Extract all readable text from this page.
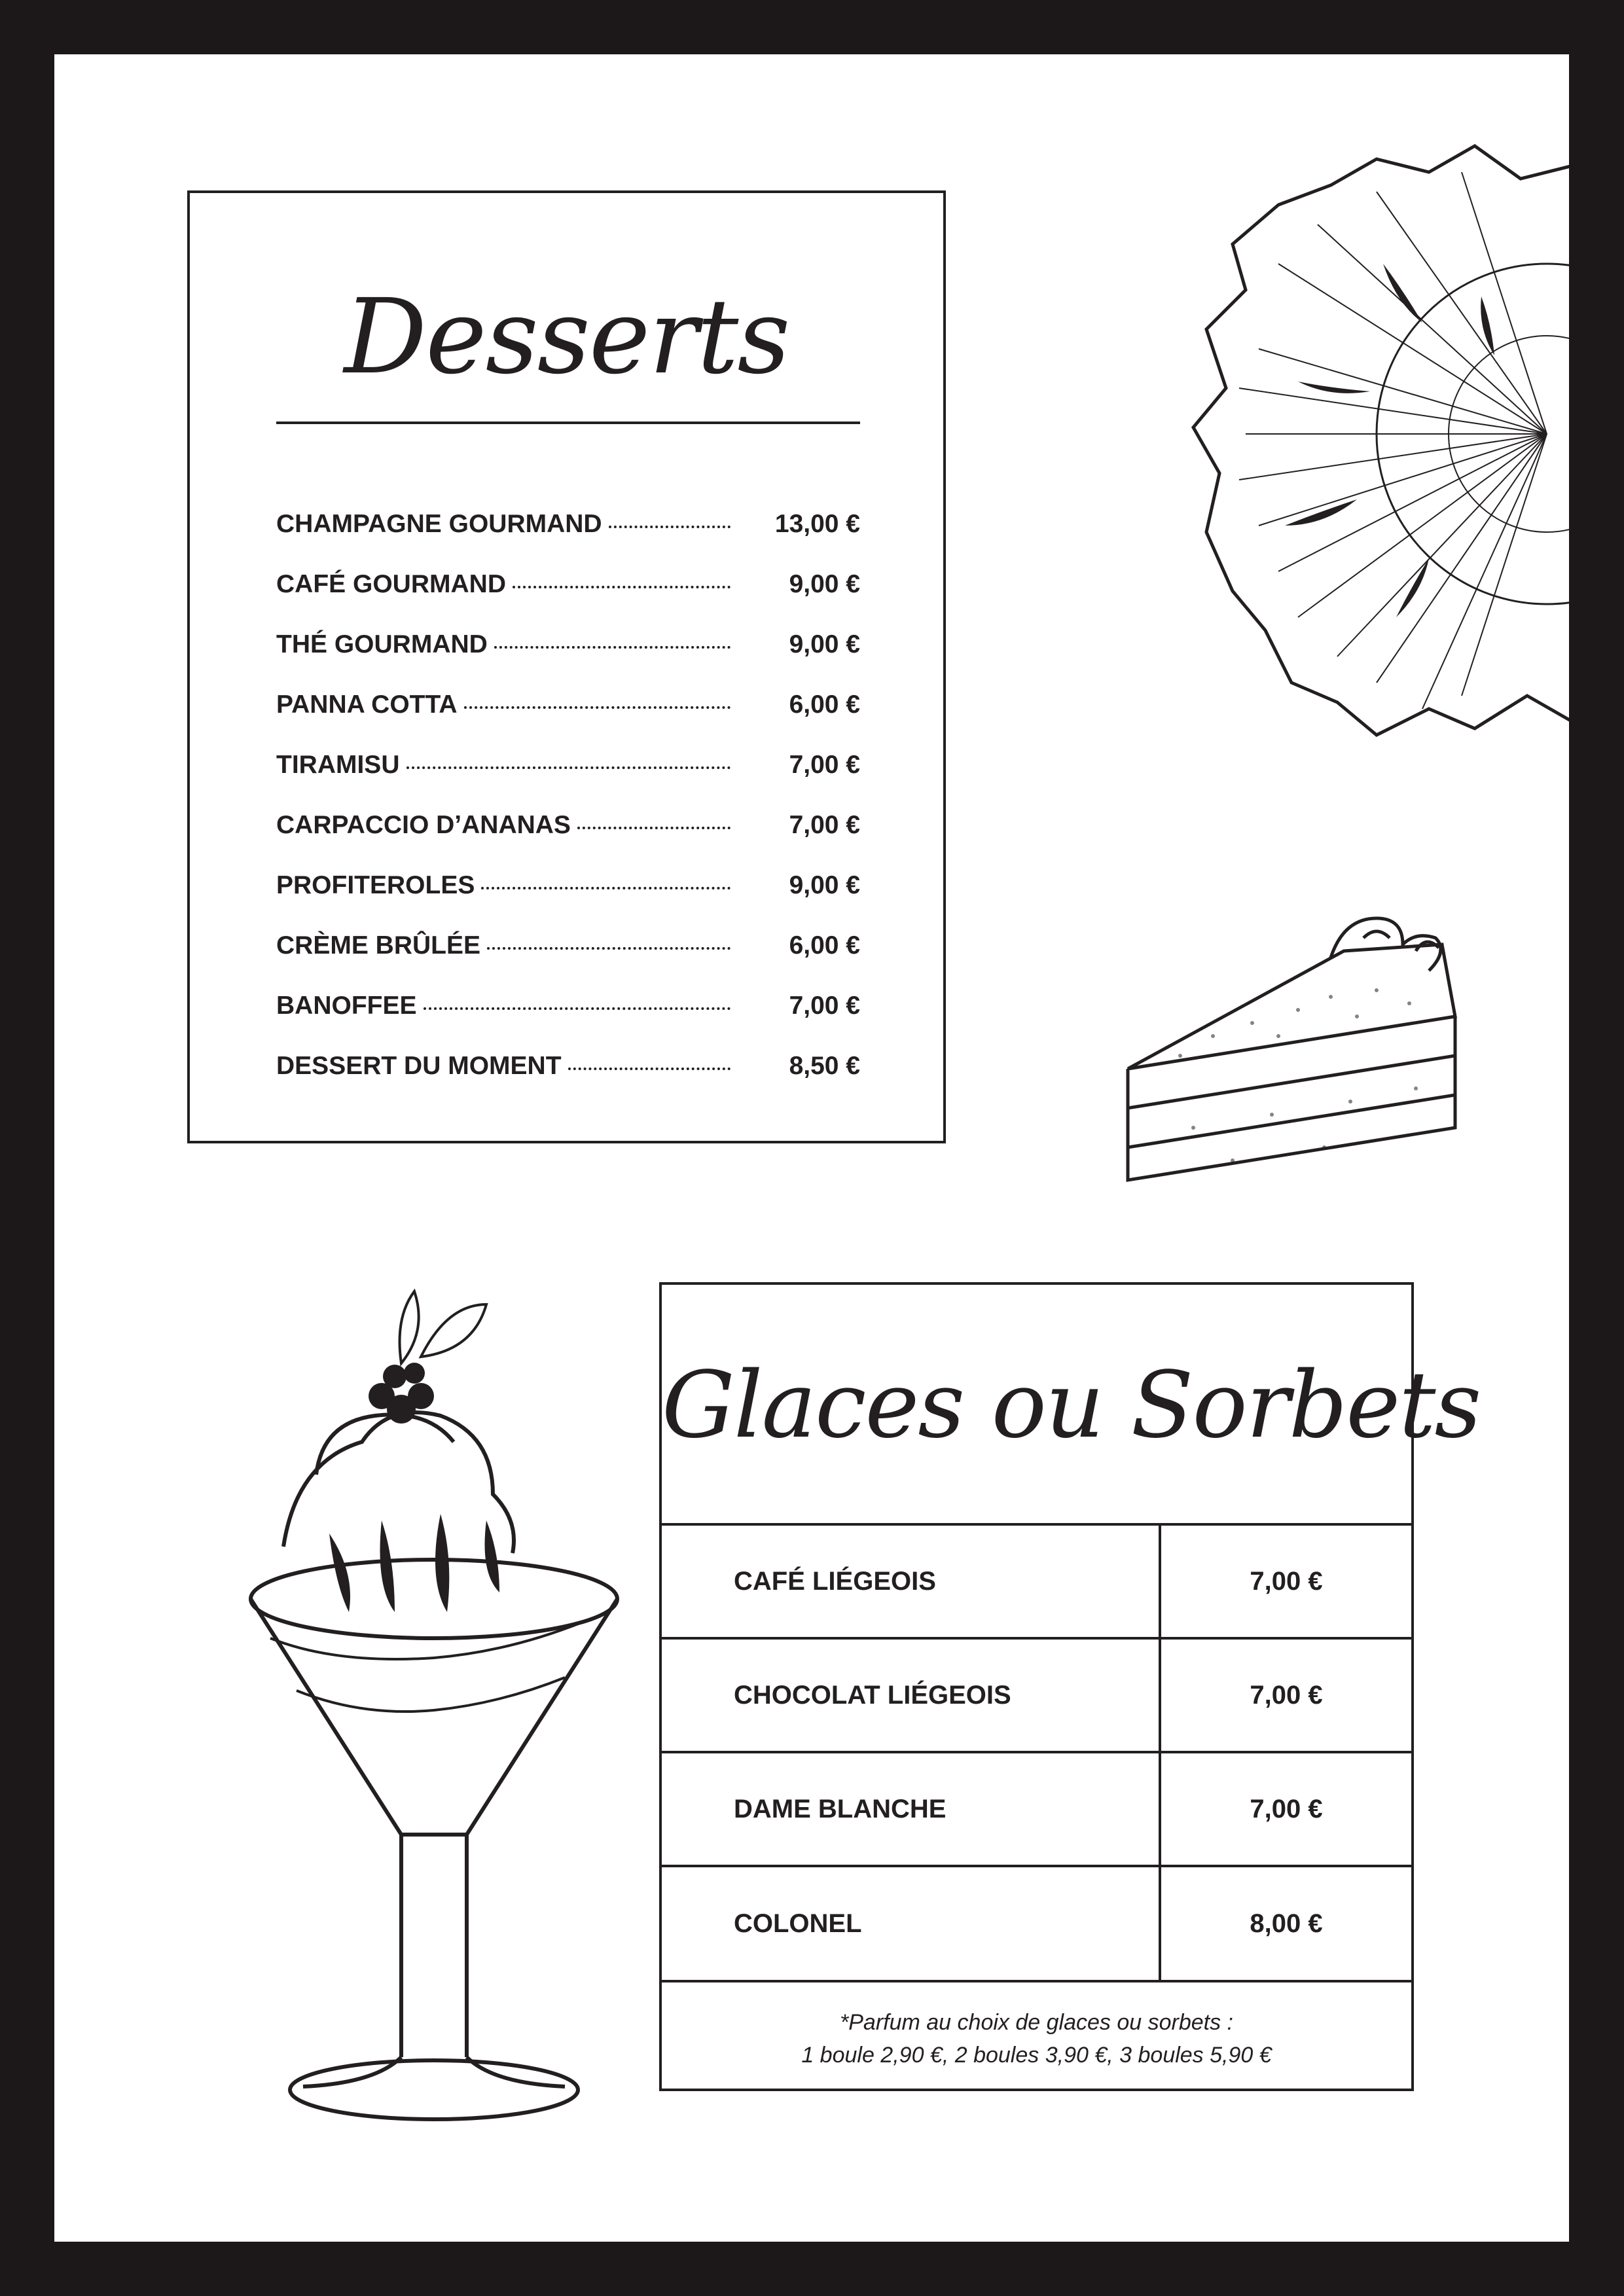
Desserts
CHAMPAGNE GOURMAND	13,00 €
CAFÉ GOURMAND	9,00 €
THÉ GOURMAND	9,00 €
PANNA COTTA	6,00 €
TIRAMISU	7,00 €
CARPACCIO D’ANANAS	7,00 €
PROFITEROLES	9,00 €
CRÈME BRÛLÉE	6,00 €
BANOFFEE	7,00 €
DESSERT DU MOMENT	8,50 €
Glaces ou Sorbets
CAFÉ LIÉGEOIS	7,00 €
CHOCOLAT LIÉGEOIS	7,00 €
DAME BLANCHE	7,00 €
COLONEL	8,00 €
*Parfum au choix de glaces ou sorbets :
1 boule 2,90 €, 2 boules 3,90 €, 3 boules 5,90 €
